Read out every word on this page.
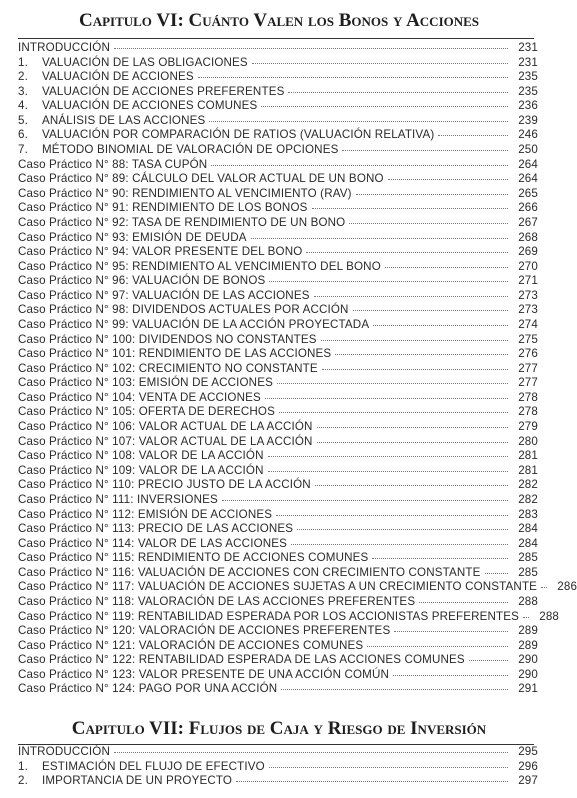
Capitulo VI: Cuánto Valen los Bonos y Acciones
INTRODUCCIÓN	231
1.	VALUACIÓN DE LAS OBLIGACIONES	231
2.	VALUACIÓN DE ACCIONES	235
3.	VALUACIÓN DE ACCIONES PREFERENTES	235
4.	VALUACIÓN DE ACCIONES COMUNES	236
5.	ANÁLISIS DE LAS ACCIONES	239
6.	VALUACIÓN POR COMPARACIÓN DE RATIOS (VALUACIÓN RELATIVA)	246
7.	MÉTODO BINOMIAL DE VALORACIÓN DE OPCIONES	250
Caso Práctico N° 88: TASA CUPÓN	264
Caso Práctico N° 89: CÁLCULO DEL VALOR ACTUAL DE UN BONO	264
Caso Práctico N° 90: RENDIMIENTO AL VENCIMIENTO (RAV)	265
Caso Práctico N° 91: RENDIMIENTO DE LOS BONOS	266
Caso Práctico N° 92: TASA DE RENDIMIENTO DE UN BONO	267
Caso Práctico N° 93: EMISIÓN DE DEUDA	268
Caso Práctico N° 94: VALOR PRESENTE DEL BONO	269
Caso Práctico N° 95: RENDIMIENTO AL VENCIMIENTO DEL BONO	270
Caso Práctico N° 96: VALUACIÓN DE BONOS	271
Caso Práctico N° 97: VALUACIÓN DE LAS ACCIONES	273
Caso Práctico N° 98: DIVIDENDOS ACTUALES POR ACCIÓN	273
Caso Práctico N° 99: VALUACIÓN DE LA ACCIÓN PROYECTADA	274
Caso Práctico N° 100: DIVIDENDOS NO CONSTANTES	275
Caso Práctico N° 101: RENDIMIENTO DE LAS ACCIONES	276
Caso Práctico N° 102: CRECIMIENTO NO CONSTANTE	277
Caso Práctico N° 103: EMISIÓN DE ACCIONES	277
Caso Práctico N° 104: VENTA DE ACCIONES	278
Caso Práctico N° 105: OFERTA DE DERECHOS	278
Caso Práctico N° 106: VALOR ACTUAL DE LA ACCIÓN	279
Caso Práctico N° 107: VALOR ACTUAL DE LA ACCIÓN	280
Caso Práctico N° 108: VALOR DE LA ACCIÓN	281
Caso Práctico N° 109: VALOR DE LA ACCIÓN	281
Caso Práctico N° 110: PRECIO JUSTO DE LA ACCIÓN	282
Caso Práctico N° 111: INVERSIONES	282
Caso Práctico N° 112: EMISIÓN DE ACCIONES	283
Caso Práctico N° 113: PRECIO DE LAS ACCIONES	284
Caso Práctico N° 114: VALOR DE LAS ACCIONES	284
Caso Práctico N° 115: RENDIMIENTO DE ACCIONES COMUNES	285
Caso Práctico N° 116: VALUACIÓN DE ACCIONES CON CRECIMIENTO CONSTANTE	285
Caso Práctico N° 117: VALUACIÓN DE ACCIONES SUJETAS A UN CRECIMIENTO CONSTANTE	286
Caso Práctico N° 118: VALORACIÓN DE LAS ACCIONES PREFERENTES	288
Caso Práctico N° 119: RENTABILIDAD ESPERADA POR LOS ACCIONISTAS PREFERENTES	288
Caso Práctico N° 120: VALORACIÓN DE ACCIONES PREFERENTES	289
Caso Práctico N° 121: VALORACIÓN DE ACCIONES COMUNES	289
Caso Práctico N° 122: RENTABILIDAD ESPERADA DE LAS ACCIONES COMUNES	290
Caso Práctico N° 123: VALOR PRESENTE DE UNA ACCIÓN COMÚN	290
Caso Práctico N° 124: PAGO POR UNA ACCIÓN	291
Capitulo VII: Flujos de Caja y Riesgo de Inversión
INTRODUCCIÓN	295
1.	ESTIMACIÓN DEL FLUJO DE EFECTIVO	296
2.	IMPORTANCIA DE UN PROYECTO	297
